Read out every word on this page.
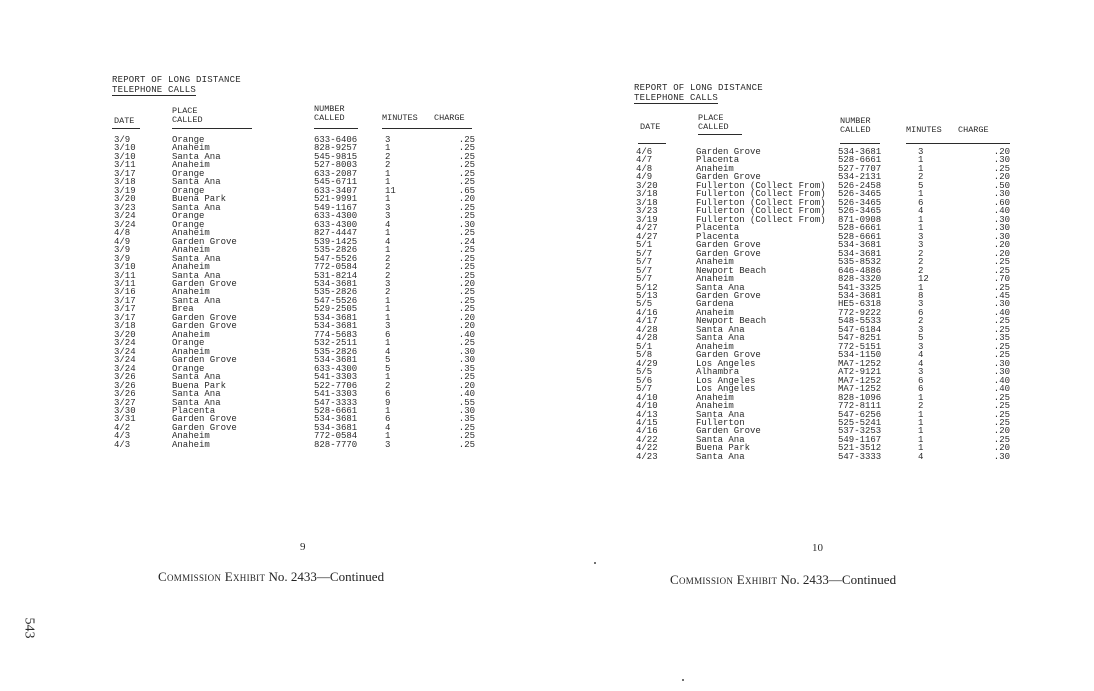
REPORT OF LONG DISTANCE
TELEPHONE CALLS
DATE
PLACE
CALLED
NUMBER
CALLED	MINUTES CHARGE
3/9	Orange	633-6406	3	.25
3/10	Anaheim	828-9257	1	.25
3/10	Santa Ana	545-9815	2	.25
3/11	Anaheim	527-8003	2	.25
3/17	Orange	633-2087	1	.25
3/18	Santa Ana	545-6711	1	.25
3/19	Orange	633-3407	11	.65
3/20	Buena Park	521-9991	1	.20
3/23	Santa Ana	549-1167	3	.25
3/24	Orange	633-4300	3	.25
3/24	Orange	633-4300	4	.30
4/8	Anaheim	827-4447	1	.25
4/9	Garden Grove	539-1425	4	.24
3/9	Anaheim	535-2826	1	.25
3/9	Santa Ana	547-5526	2	.25
3/10	Anaheim	772-0584	2	.25
3/11	Santa Ana	531-8214	2	.25
3/11	Garden Grove	534-3681	3	.20
3/16	Anaheim	535-2826	2	.25
3/17	Santa Ana	547-5526	1	.25
3/17	Brea	529-2505	1	.25
3/17	Garden Grove	534-3681	1	.20
3/18	Garden Grove	534-3681	3	.20
3/20	Anaheim	774-5683	6	.40
3/24	Orange	532-2511	1	.25
3/24	Anaheim	535-2826	4	.30
3/24	Garden Grove	534-3681	5	.30
3/24	Orange	633-4300	5	.35
3/26	Santa Ana	541-3303	1	.25
3/26	Buena Park	522-7706	2	.20
3/26	Santa Ana	541-3303	6	.40
3/27	Santa Ana	547-3333	9	.55
3/30	Placenta	528-6661	1	.30
3/31	Garden Grove	534-3681	6	.35
4/2	Garden Grove	534-3681	4	.25
4/3	Anaheim	772-0584	1	.25
4/3	Anaheim	828-7770	3	.25
9
Commission Exhibit No. 2433—Continued
REPORT OF LONG DISTANCE
TELEPHONE CALLS
DATE
PLACE
CALLED
NUMBER
CALLED	MINUTES CHARGE
4/6	Garden Grove	534-3681	3	.20
4/7	Placenta	528-6661	1	.30
4/8	Anaheim	527-7707	1	.25
4/9	Garden Grove	534-2131	2	.20
3/20	Fullerton (Collect From) 526-2458	5	.50
3/18	Fullerton (Collect From) 526-3465	1	.30
3/18	Fullerton (Collect From) 526-3465	6	.60
3/23	Fullerton (Collect From) 526-3465	4	.40
3/19	Fullerton (Collect From) 871-0908	1	.30
4/27	Placenta	528-6661	1	.30
4/27	Placenta	528-6661	3	.30
5/1	Garden Grove	534-3681	3	.20
5/7	Garden Grove	534-3681	2	.20
5/7	Anaheim	535-8532	2	.25
5/7	Newport Beach	646-4886	2	.25
5/7	Anaheim	828-3320	12	.70
5/12	Santa Ana	541-3325	1	.25
5/13	Garden Grove	534-3681	8	.45
5/5	Gardena	HE5-6318	3	.30
4/16	Anaheim	772-9222	6	.40
4/17	Newport Beach	548-5533	2	.25
4/28	Santa Ana	547-6184	3	.25
4/28	Santa Ana	547-8251	5	.35
5/1	Anaheim	772-5151	3	.25
5/8	Garden Grove	534-1150	4	.25
4/29	Los Angeles	MA7-1252	4	.30
5/5	Alhambra	AT2-9121	3	.30
5/6	Los Angeles	MA7-1252	6	.40
5/7	Los Angeles	MA7-1252	6	.40
4/10	Anaheim	828-1096	1	.25
4/10	Anaheim	772-8111	2	.25
4/13	Santa Ana	547-6256	1	.25
4/15	Fullerton	525-5241	1	.25
4/16	Garden Grove	537-3253	1	.20
4/22	Santa Ana	549-1167	1	.25
4/22	Buena Park	521-3512	1	.20
4/23	Santa Ana	547-3333	4	.30
10
Commission Exhibit No. 2433—Continued
543
